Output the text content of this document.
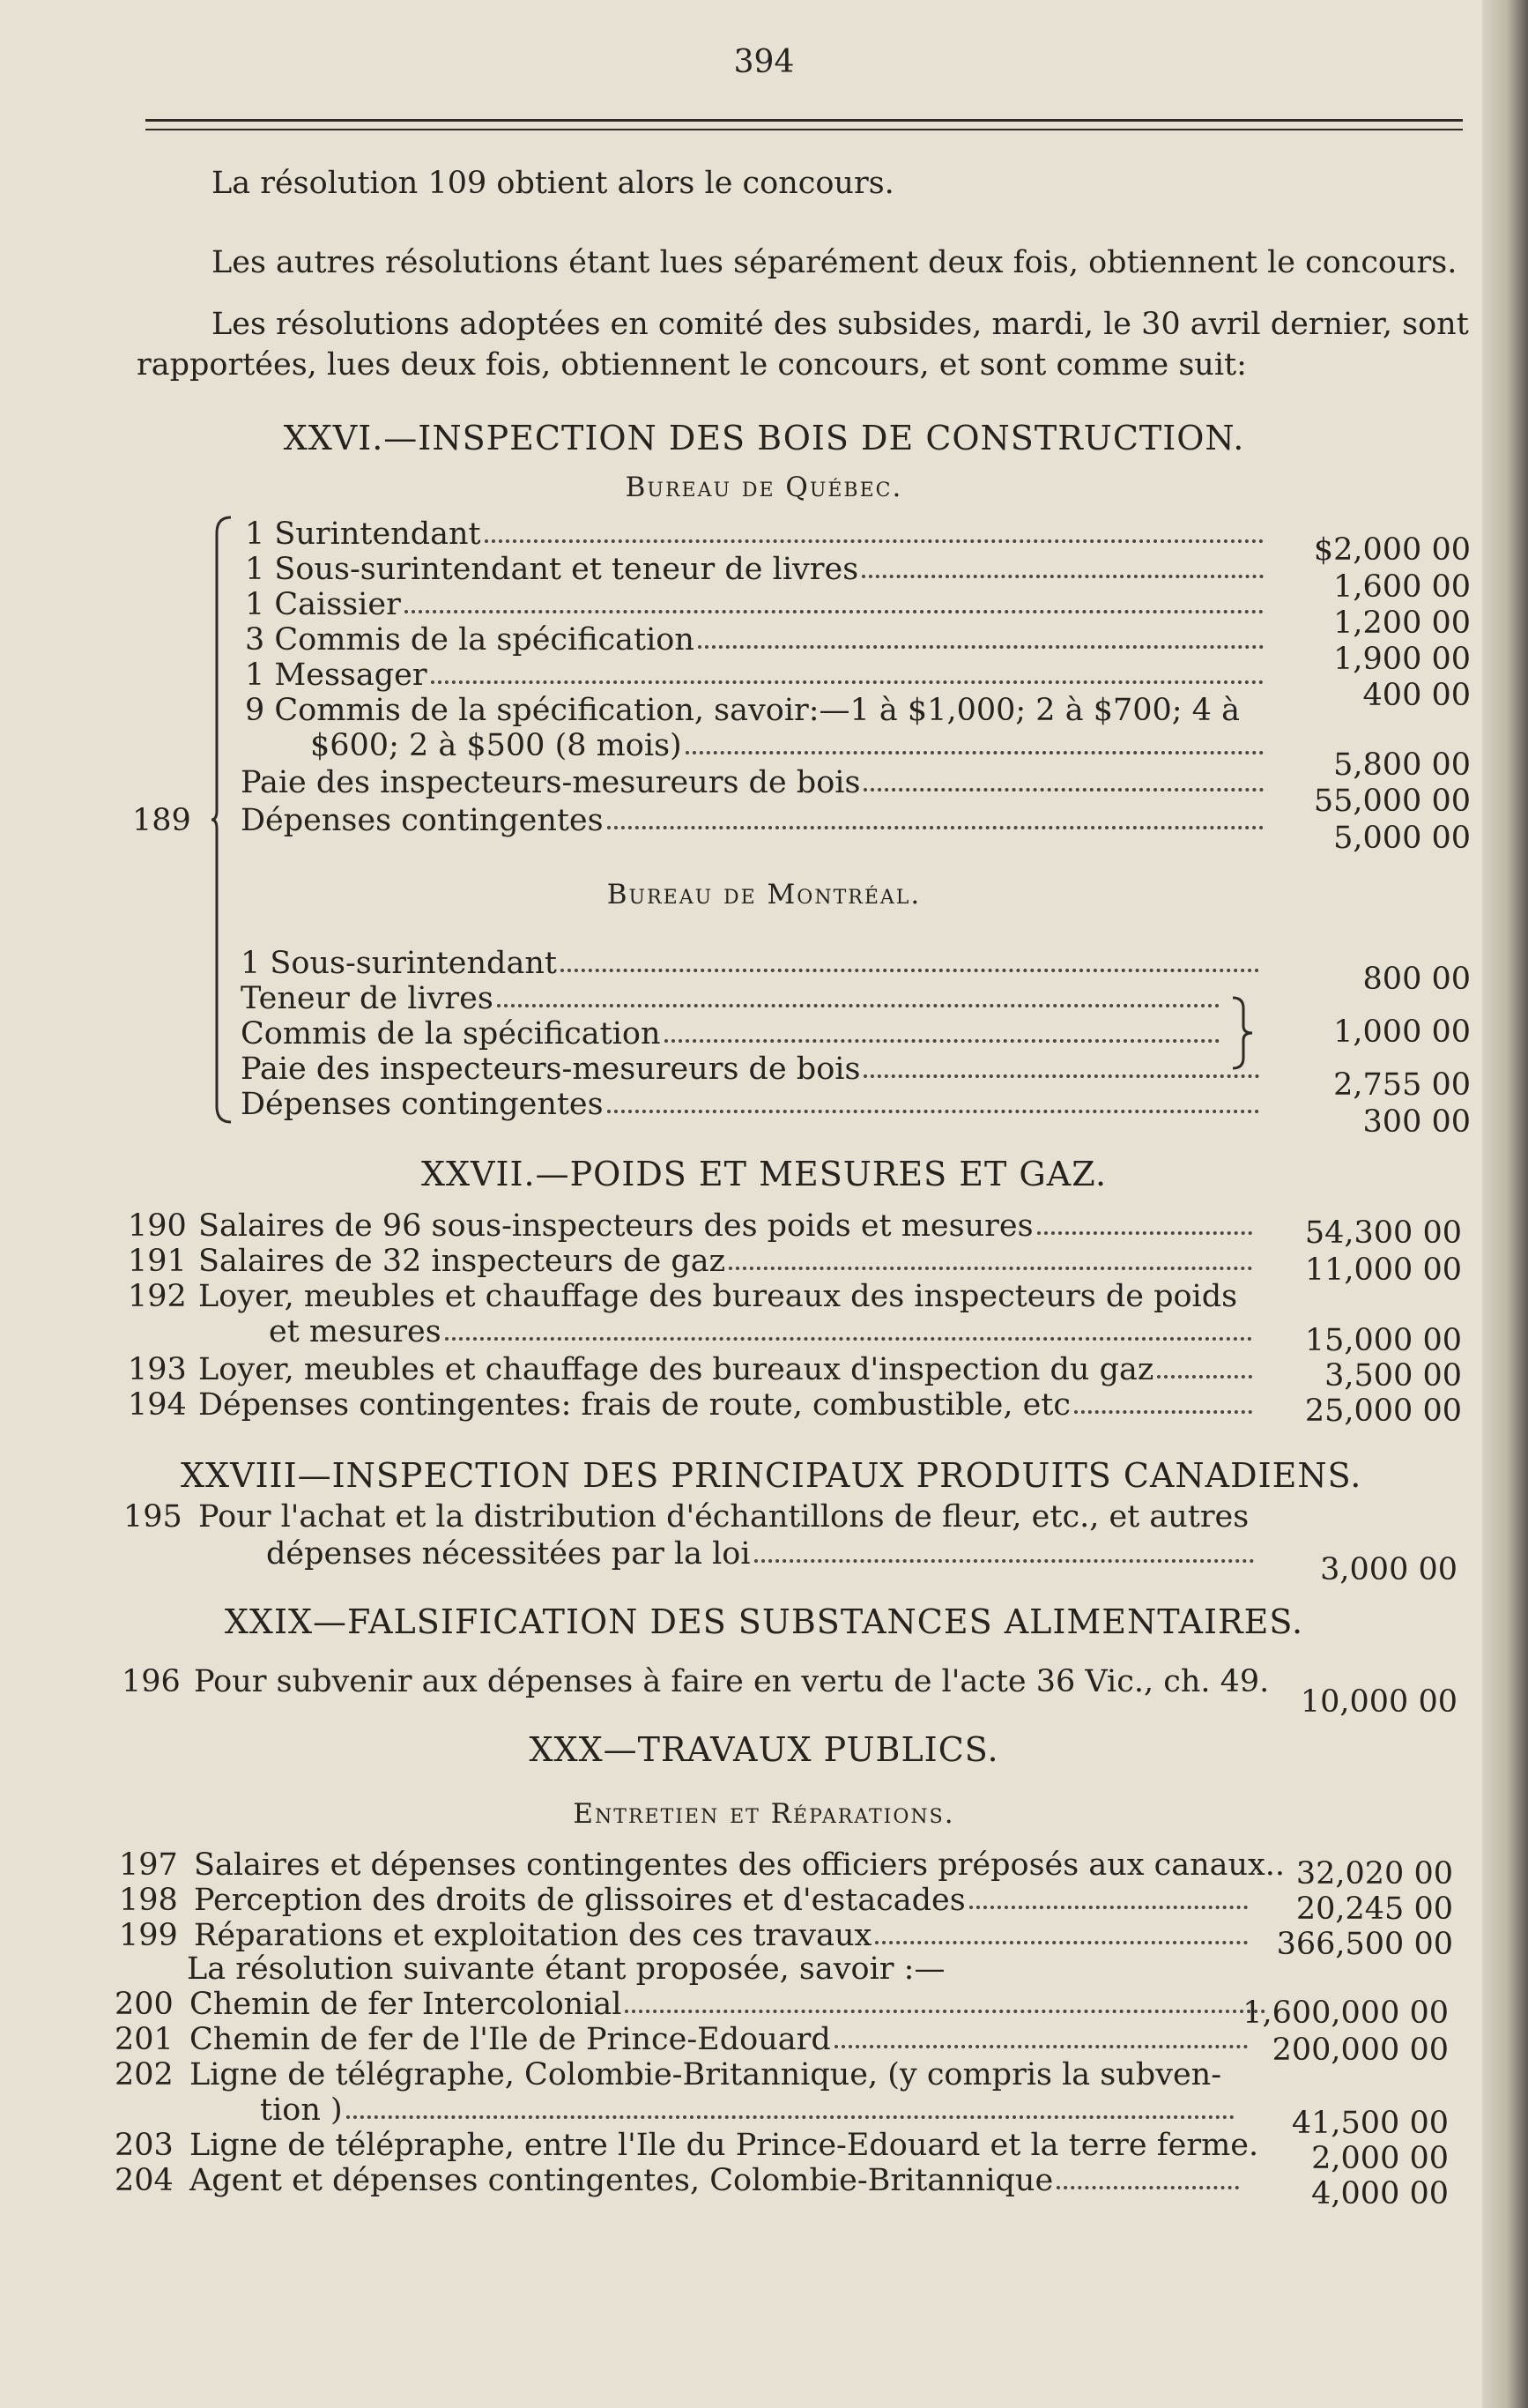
394
La résolution 109 obtient alors le concours.
Les autres résolutions étant lues séparément deux fois, obtiennent le concours.
Les résolutions adoptées en comité des subsides, mardi, le 30 avril dernier, sont rapportées, lues deux fois, obtiennent le concours, et sont comme suit:
XXVI.—INSPECTION DES BOIS DE CONSTRUCTION.
Bureau de Québec.
189
1 Surintendant
1 Sous-surintendant et teneur de livres
1 Caissier
3 Commis de la spécification
1 Messager
9 Commis de la spécification, savoir:—1 à $1,000; 2 à $700; 4 à
$600; 2 à $500 (8 mois)
Paie des inspecteurs-mesureurs de bois
Dépenses contingentes
$2,000 00
1,600 00
1,200 00
1,900 00
400 00
5,800 00
55,000 00
5,000 00
Bureau de Montréal.
1 Sous-surintendant
Teneur de livres
Commis de la spécification
Paie des inspecteurs-mesureurs de bois
Dépenses contingentes
800 00
1,000 00
2,755 00
300 00
XXVII.—POIDS ET MESURES ET GAZ.
190 Salaires de 96 sous-inspecteurs des poids et mesures
191 Salaires de 32 inspecteurs de gaz
192 Loyer, meubles et chauffage des bureaux des inspecteurs de poids
et mesures
193 Loyer, meubles et chauffage des bureaux d'inspection du gaz
194 Dépenses contingentes: frais de route, combustible, etc
54,300 00
11,000 00
15,000 00
3,500 00
25,000 00
XXVIII—INSPECTION DES PRINCIPAUX PRODUITS CANADIENS.
195 Pour l'achat et la distribution d'échantillons de fleur, etc., et autres
dépenses nécessitées par la loi	3,000 00
XXIX—FALSIFICATION DES SUBSTANCES ALIMENTAIRES.
196 Pour subvenir aux dépenses à faire en vertu de l'acte 36 Vic., ch. 49.
10,000 00
XXX—TRAVAUX PUBLICS.
Entretien et Réparations.
197 Salaires et dépenses contingentes des officiers préposés aux canaux..
198 Perception des droits de glissoires et d'estacades
199 Réparations et exploitation des ces travaux
32,020 00
20,245 00
366,500 00
La résolution suivante étant proposée, savoir :—
200 Chemin de fer Intercolonial
201 Chemin de fer de l'Ile de Prince-Edouard
202 Ligne de télégraphe, Colombie-Britannique, (y compris la subven-
tion )
203 Ligne de télépraphe, entre l'Ile du Prince-Edouard et la terre ferme.
204 Agent et dépenses contingentes, Colombie-Britannique
1,600,000 00
200,000 00
41,500 00
2,000 00
4,000 00
